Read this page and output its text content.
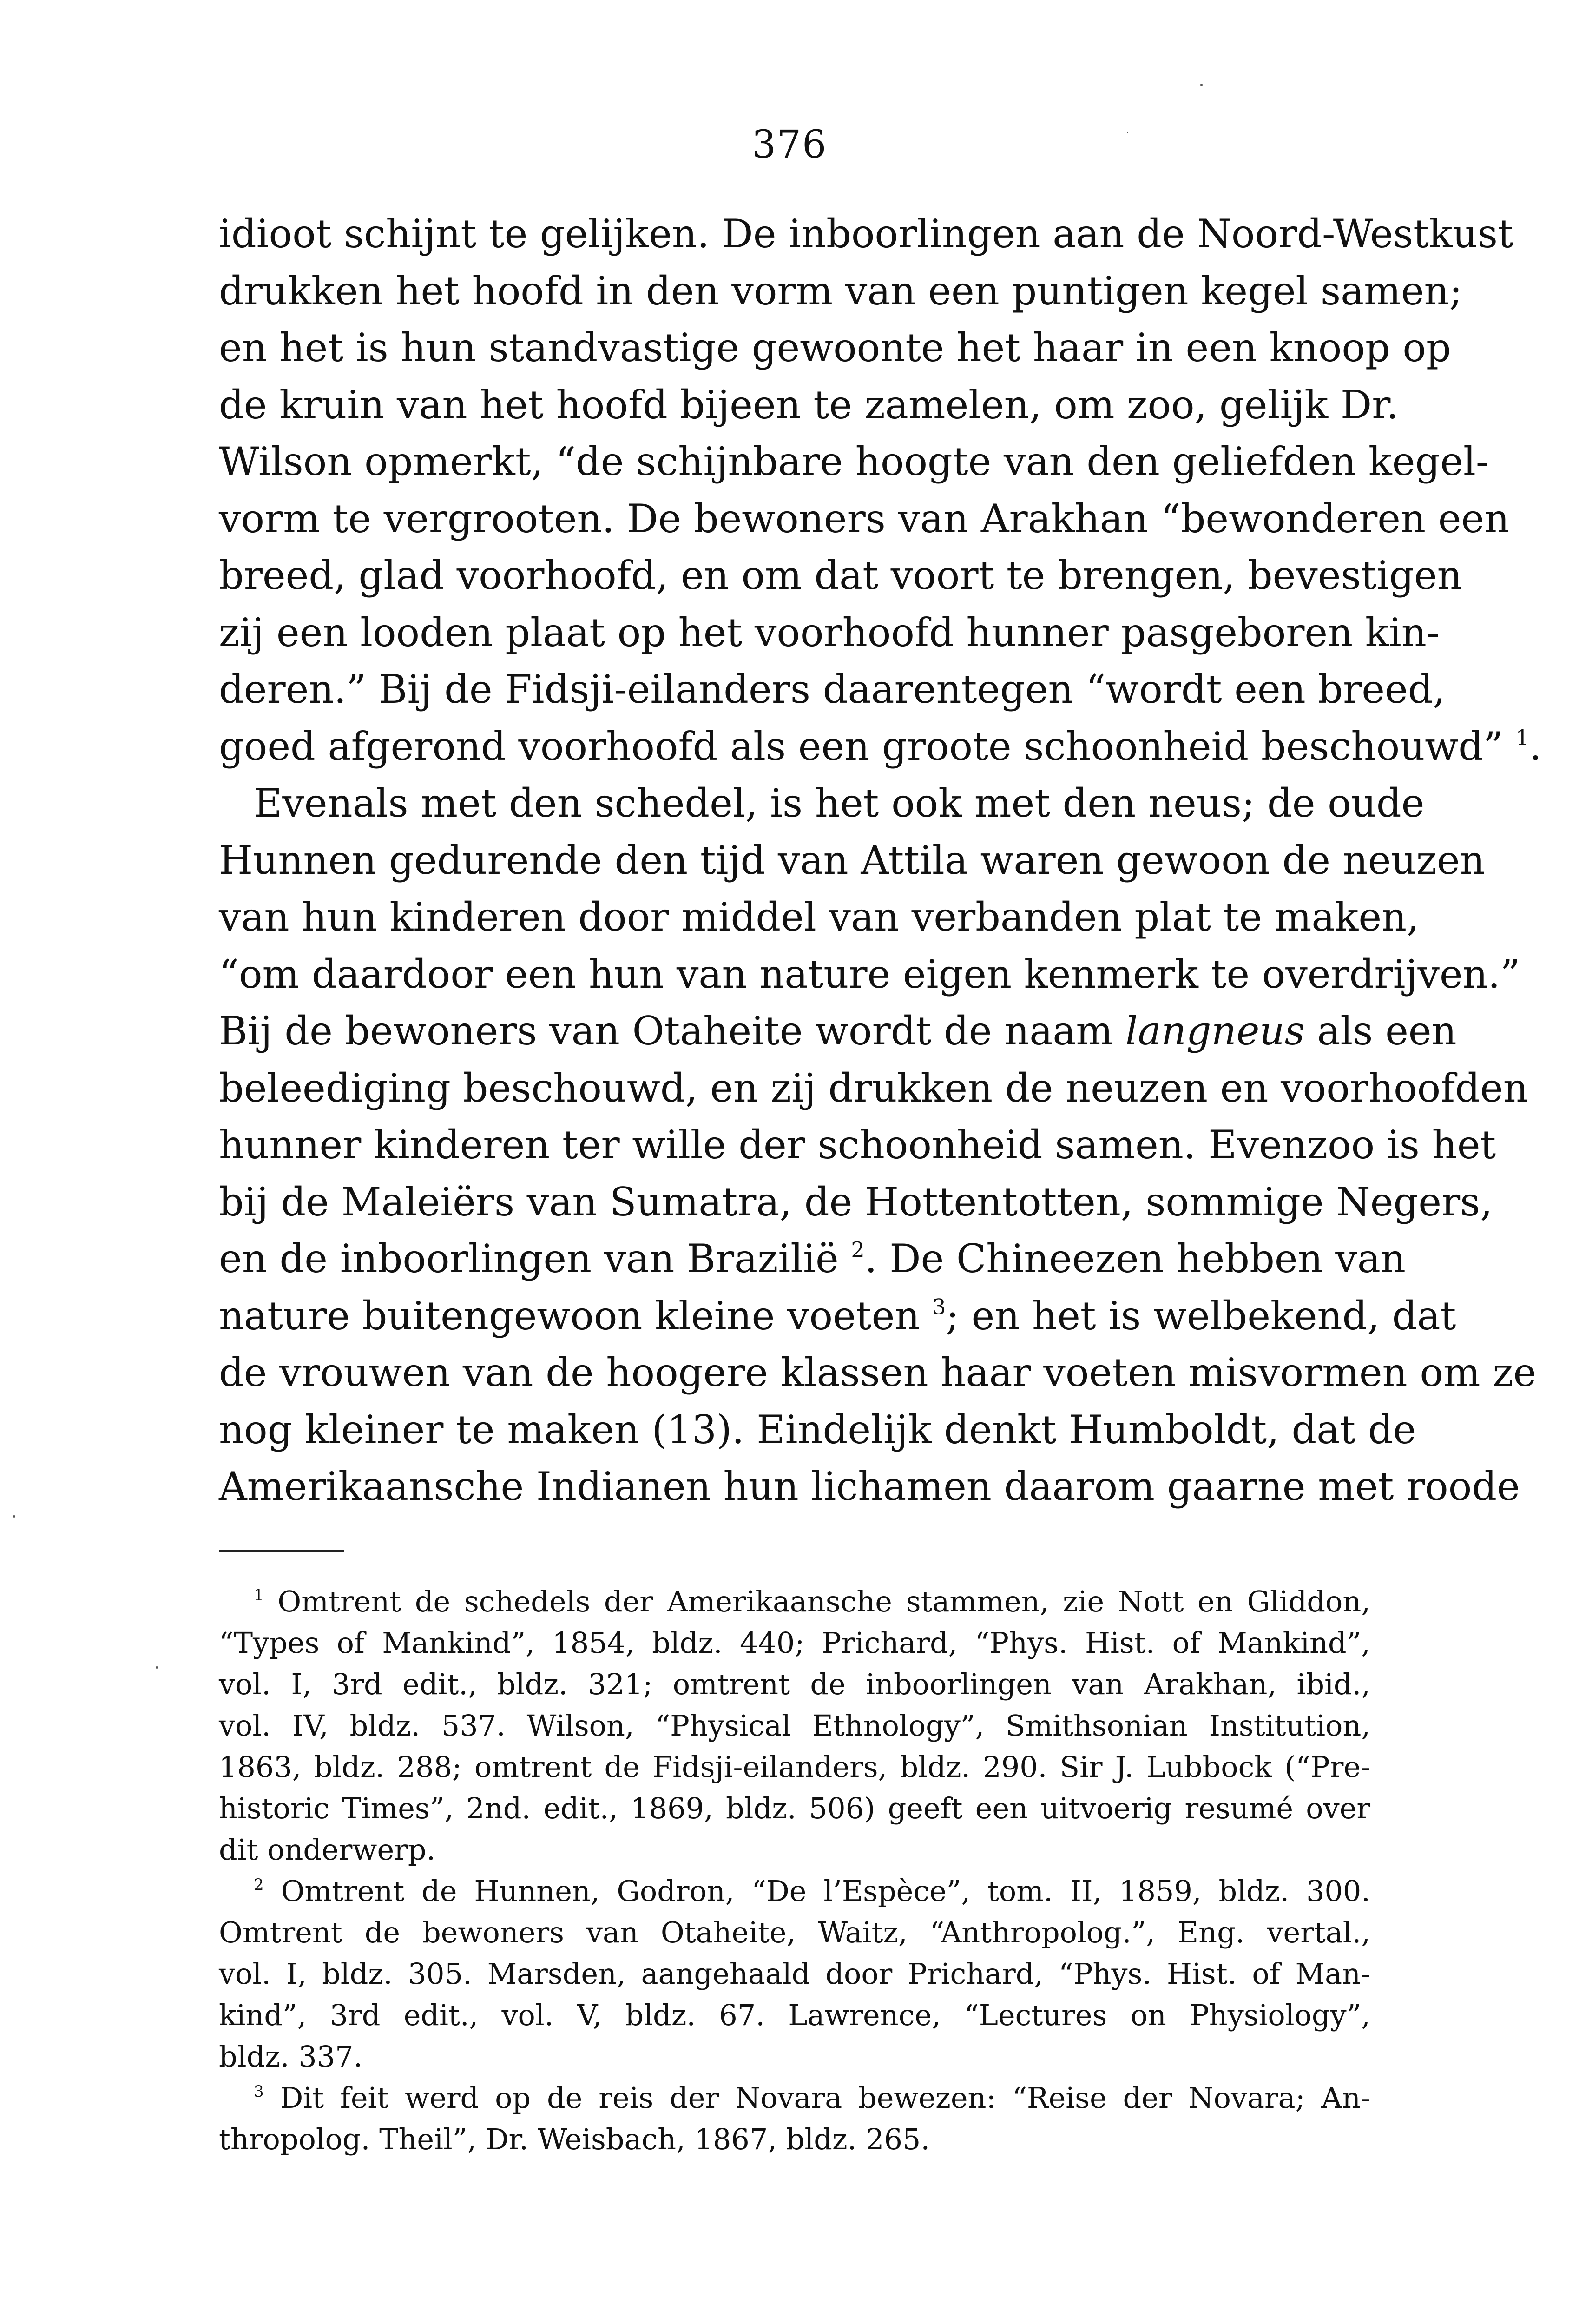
376
idioot schijnt te gelijken. De inboorlingen aan de Noord-Westkust
drukken het hoofd in den vorm van een puntigen kegel samen;
en het is hun standvastige gewoonte het haar in een knoop op
de kruin van het hoofd bijeen te zamelen, om zoo, gelijk Dr.
Wilson opmerkt, “de schijnbare hoogte van den geliefden kegel-
vorm te vergrooten. De bewoners van Arakhan “bewonderen een
breed, glad voorhoofd, en om dat voort te brengen, bevestigen
zij een looden plaat op het voorhoofd hunner pasgeboren kin-
deren.” Bij de Fidsji-eilanders daarentegen “wordt een breed,
goed afgerond voorhoofd als een groote schoonheid beschouwd” $^1$.
Evenals met den schedel, is het ook met den neus; de oude
Hunnen gedurende den tijd van Attila waren gewoon de neuzen
van hun kinderen door middel van verbanden plat te maken,
“om daardoor een hun van nature eigen kenmerk te overdrijven.”
Bij de bewoners van Otaheite wordt de naam langneus als een
beleediging beschouwd, en zij drukken de neuzen en voorhoofden
hunner kinderen ter wille der schoonheid samen. Evenzoo is het
bij de Maleiërs van Sumatra, de Hottentotten, sommige Negers,
en de inboorlingen van Brazilië $^2$. De Chineezen hebben van
nature buitengewoon kleine voeten $^3$; en het is welbekend, dat
de vrouwen van de hoogere klassen haar voeten misvormen om ze
nog kleiner te maken (13). Eindelijk denkt Humboldt, dat de
Amerikaansche Indianen hun lichamen daarom gaarne met roode
$^1$ Omtrent de schedels der Amerikaansche stammen, zie Nott en Gliddon,
“Types of Mankind”, 1854, bldz. 440; Prichard, “Phys. Hist. of Mankind”,
vol. I, 3rd edit., bldz. 321; omtrent de inboorlingen van Arakhan, ibid.,
vol. IV, bldz. 537. Wilson, “Physical Ethnology”, Smithsonian Institution,
1863, bldz. 288; omtrent de Fidsji-eilanders, bldz. 290. Sir J. Lubbock (“Pre-
historic Times”, 2nd. edit., 1869, bldz. 506) geeft een uitvoerig resumé over
dit onderwerp.
$^2$ Omtrent de Hunnen, Godron, “De l’Espèce”, tom. II, 1859, bldz. 300.
Omtrent de bewoners van Otaheite, Waitz, “Anthropolog.”, Eng. vertal.,
vol. I, bldz. 305. Marsden, aangehaald door Prichard, “Phys. Hist. of Man-
kind”, 3rd edit., vol. V, bldz. 67. Lawrence, “Lectures on Physiology”,
bldz. 337.
$^3$ Dit feit werd op de reis der Novara bewezen: “Reise der Novara; An-
thropolog. Theil”, Dr. Weisbach, 1867, bldz. 265.
